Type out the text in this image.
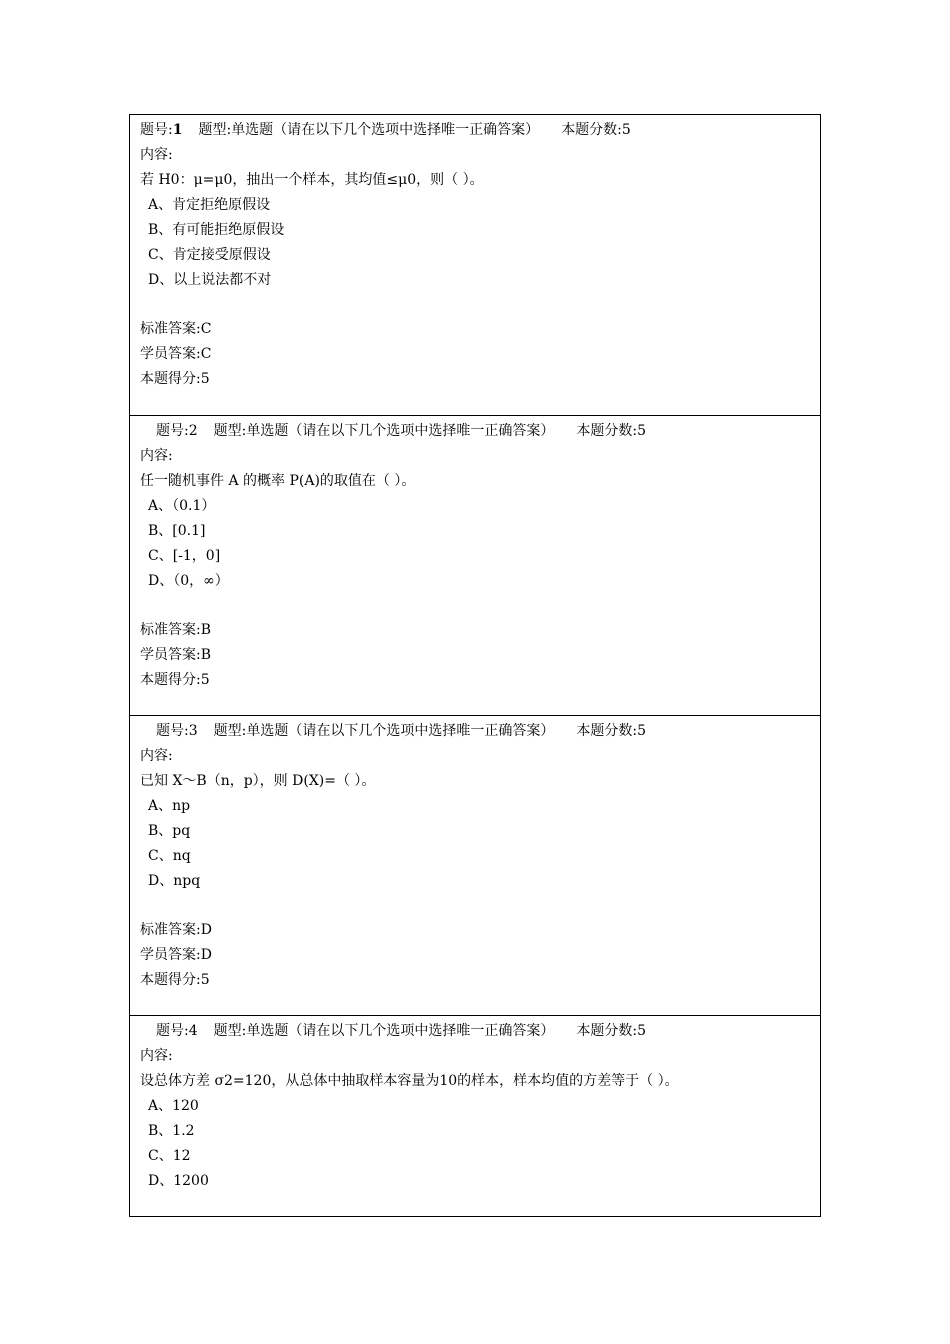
题号:1 题型:单选题（请在以下几个选项中选择唯一正确答案） 本题分数:5
内容:
若 H0：μ=μ0，抽出一个样本，其均值≤μ0，则（ ）。
A、肯定拒绝原假设
B、有可能拒绝原假设
C、肯定接受原假设
D、以上说法都不对
标准答案:C
学员答案:C
本题得分:5
题号:2 题型:单选题（请在以下几个选项中选择唯一正确答案） 本题分数:5
内容:
任一随机事件 A 的概率 P(A)的取值在（ ）。
A、（0.1）
B、[0.1]
C、[-1，0]
D、（0，∞）
标准答案:B
学员答案:B
本题得分:5
题号:3 题型:单选题（请在以下几个选项中选择唯一正确答案） 本题分数:5
内容:
已知 X～B（n，p），则 D(X)=（ ）。
A、np
B、pq
C、nq
D、npq
标准答案:D
学员答案:D
本题得分:5
题号:4 题型:单选题（请在以下几个选项中选择唯一正确答案） 本题分数:5
内容:
设总体方差 σ2=120，从总体中抽取样本容量为10的样本，样本均值的方差等于（ ）。
A、120
B、1.2
C、12
D、1200
